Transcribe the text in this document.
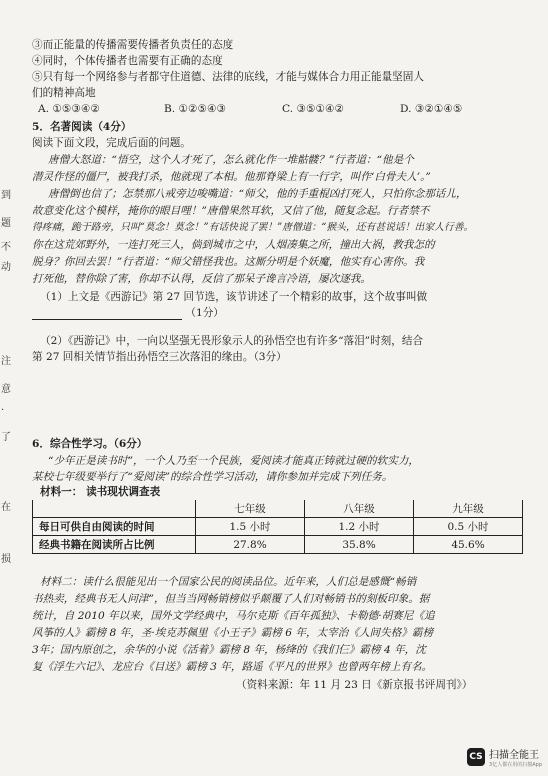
③而正能量的传播需要传播者负责任的态度
④同时，个体传播者也需要有正确的态度
⑤只有每一个网络参与者都守住道德、法律的底线，才能与媒体合力用正能量坚固人
们的精神高地
A. ①⑤③④②	B. ①②⑤④③	C. ③⑤①④②	D. ③②①④⑤
5．名著阅读（4分）
阅读下面文段，完成后面的问题。
唐僧大怒道：“悟空，这个人才死了，怎么就化作一堆骷髅？”行者道：“他是个
潜灵作怪的僵尸，被我打杀，他就现了本相。他那脊梁上有一行字，叫作‘白骨夫人’。”
唐僧倒也信了；怎禁那八戒旁边唆嘴道：“师父，他的手重棍凶打死人，只怕你念那话儿，
故意变化这个模样，掩你的眼目哩！”唐僧果然耳软，又信了他，随复念起。行者禁不
得疼痛，跪于路旁，只叫“莫念！莫念！”有话快说了罢！”唐僧道：“猴头，还有甚说话！出家人行善。
你在这荒郊野外，一连打死三人，倘到城市之中，人烟凑集之所，撞出大祸，教我怎的
脱身？你回去罢！”行者道：“师父错怪我也。这厮分明是个妖魔，他实有心害你。我
打死他，替你除了害，你却不认得，反信了那呆子谗言冷语，屡次逐我。
（1）上文是《西游记》第 27 回节选，该节讲述了一个精彩的故事，这个故事叫做
（1分）
（2）《西游记》中，一向以坚强无畏形象示人的孙悟空也有许多“落泪”时刻，结合
第 27 回相关情节指出孙悟空三次落泪的缘由。（3分）
6．综合性学习。（6分）
“少年正是读书时”，一个人乃至一个民族，爱阅读才能真正铸就过硬的软实力，
某校七年级要举行了“爱阅读”的综合性学习活动，请你参加并完成下列任务。
材料一： 读书现状调查表
	七年级	八年级	九年级
每日可供自由阅读的时间	1.5 小时	1.2 小时	0.5 小时
经典书籍在阅读所占比例	27.8%	35.8%	45.6%
材料二：读什么很能见出一个国家公民的阅读品位。近年来，人们总是感慨“畅销
书热卖，经典书无人问津”，但当当网畅销榜似乎颠覆了人们对畅销书的刻板印象。据
统计，自 2010 年以来，国外文学经典中，马尔克斯《百年孤独》、卡勒德·胡赛尼《追
风筝的人》霸榜 8 年，圣·埃克苏佩里《小王子》霸榜 6 年，太宰治《人间失格》霸榜
3年；国内原创之，余华的小说《活着》霸榜 8 年，杨绛的《我们仨》霸榜 4 年，沈
复《浮生六记》、龙应台《目送》霸榜 3 年，路遥《平凡的世界》也曾两年榜上有名。
（资料来源：年 11 月 23 日《新京报书评周刊》）
到
题
不
动
注
意
·
了
在
损
CS 扫描全能王
3亿人都在用的扫描App
